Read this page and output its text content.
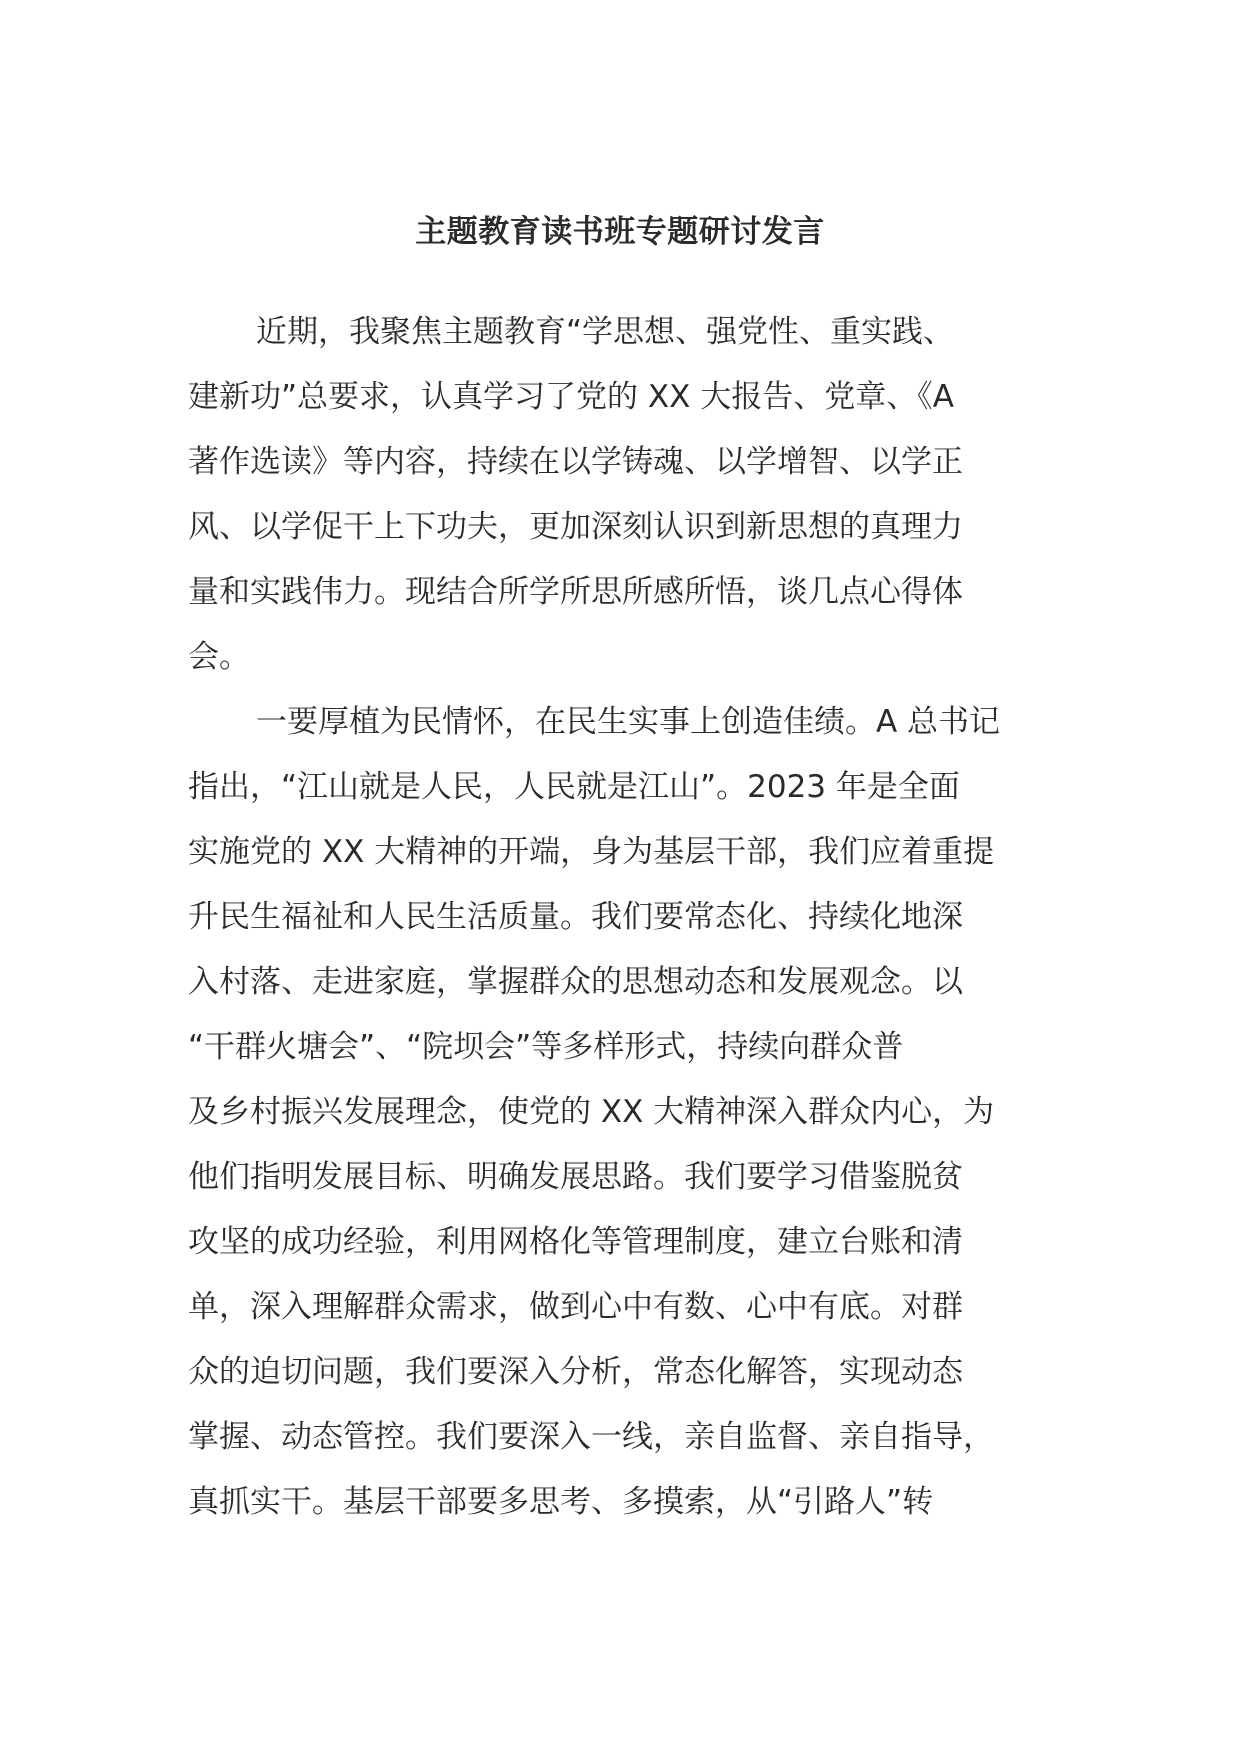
主题教育读书班专题研讨发言
近期，我聚焦主题教育“学思想、强党性、重实践、
建新功”总要求，认真学习了党的 XX 大报告、党章、《A
著作选读》等内容，持续在以学铸魂、以学增智、以学正
风、以学促干上下功夫，更加深刻认识到新思想的真理力
量和实践伟力。现结合所学所思所感所悟，谈几点心得体
会。
一要厚植为民情怀，在民生实事上创造佳绩。A 总书记
指出，“江山就是人民，人民就是江山”。2023 年是全面
实施党的 XX 大精神的开端，身为基层干部，我们应着重提
升民生福祉和人民生活质量。我们要常态化、持续化地深
入村落、走进家庭，掌握群众的思想动态和发展观念。以
“干群火塘会”、“院坝会”等多样形式，持续向群众普
及乡村振兴发展理念，使党的 XX 大精神深入群众内心，为
他们指明发展目标、明确发展思路。我们要学习借鉴脱贫
攻坚的成功经验，利用网格化等管理制度，建立台账和清
单，深入理解群众需求，做到心中有数、心中有底。对群
众的迫切问题，我们要深入分析，常态化解答，实现动态
掌握、动态管控。我们要深入一线，亲自监督、亲自指导，
真抓实干。基层干部要多思考、多摸索，从“引路人”转
